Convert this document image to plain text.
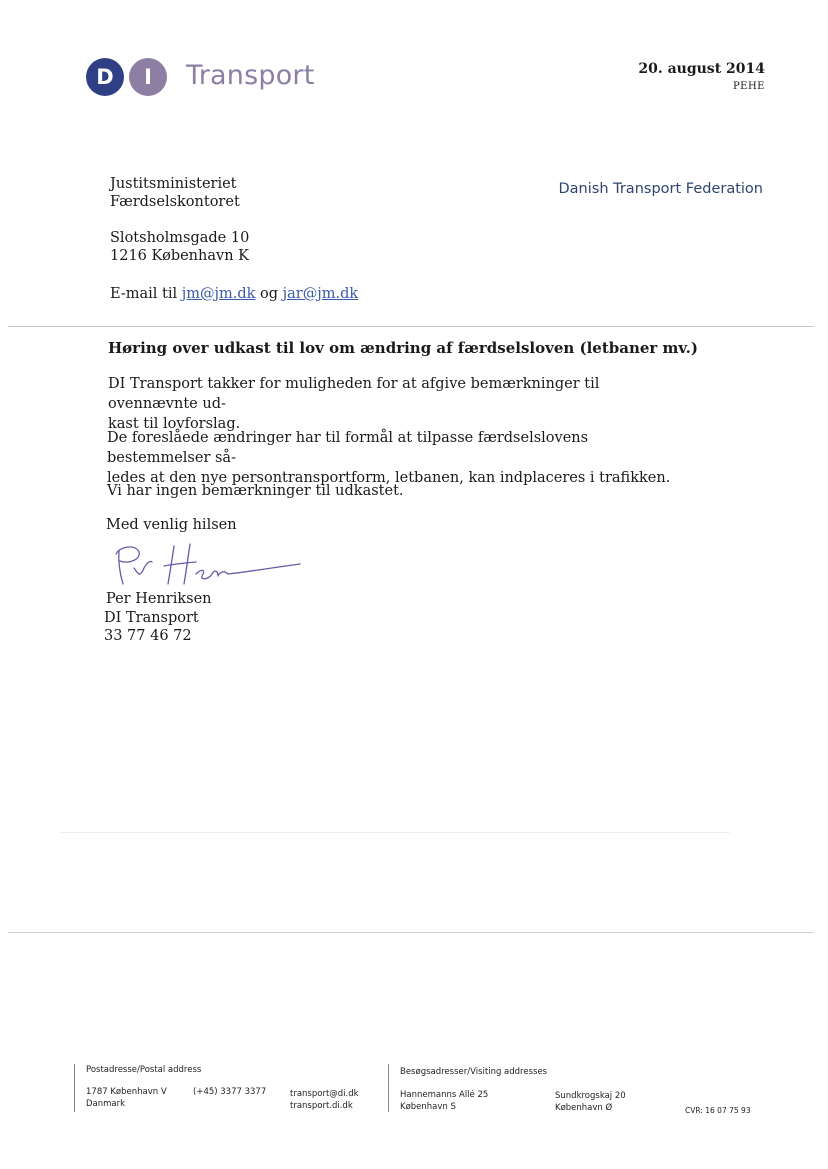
D	I	Transport	20. august 2014
PEHE
Danish Transport Federation
Justitsministeriet
Færdselskontoret
Slotsholmsgade 10
1216 København K
E-mail til jm@jm.dk og jar@jm.dk
Høring over udkast til lov om ændring af færdselsloven (letbaner mv.)
DI Transport takker for muligheden for at afgive bemærkninger til ovennævnte ud-
kast til lovforslag.
De foreslåede ændringer har til formål at tilpasse færdselslovens bestemmelser så-
ledes at den nye persontransportform, letbanen, kan indplaceres i trafikken.
Vi har ingen bemærkninger til udkastet.
Med venlig hilsen
Per Henriksen
DI Transport
33 77 46 72
Postadresse/Postal address
1787 København V
Danmark
(+45) 3377 3377	transport@di.dk
transport.di.dk
Besøgsadresser/Visiting addresses
Hannemanns Allé 25
København S
Sundkrogskaj 20
København Ø	CVR: 16 07 75 93
